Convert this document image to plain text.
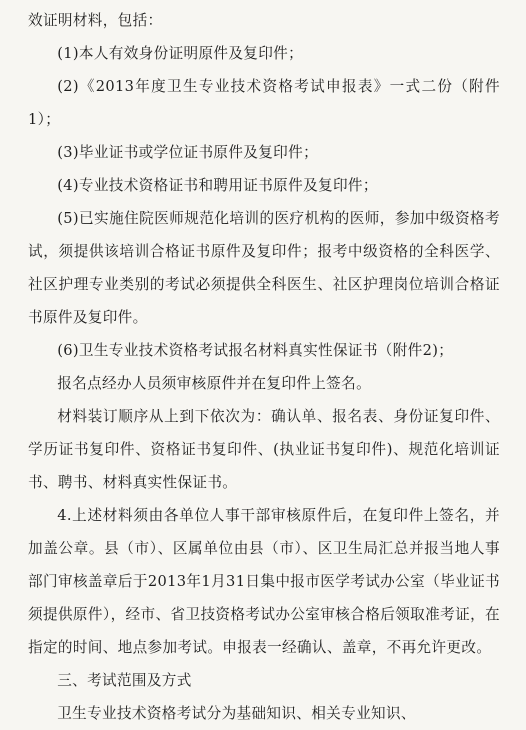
效证明材料，包括：

(1)本人有效身份证明原件及复印件；

(2)《2013年度卫生专业技术资格考试申报表》一式二份（附件1）；

(3)毕业证书或学位证书原件及复印件；

(4)专业技术资格证书和聘用证书原件及复印件；

(5)已实施住院医师规范化培训的医疗机构的医师，参加中级资格考试，须提供该培训合格证书原件及复印件；报考中级资格的全科医学、社区护理专业类别的考试必须提供全科医生、社区护理岗位培训合格证书原件及复印件。

(6)卫生专业技术资格考试报名材料真实性保证书（附件2)；

报名点经办人员须审核原件并在复印件上签名。

材料装订顺序从上到下依次为：确认单、报名表、身份证复印件、学历证书复印件、资格证书复印件、(执业证书复印件)、规范化培训证书、聘书、材料真实性保证书。

4.上述材料须由各单位人事干部审核原件后，在复印件上签名，并加盖公章。县（市）、区属单位由县（市）、区卫生局汇总并报当地人事部门审核盖章后于2013年1月31日集中报市医学考试办公室（毕业证书须提供原件），经市、省卫技资格考试办公室审核合格后领取准考证，在指定的时间、地点参加考试。申报表一经确认、盖章，不再允许更改。

三、考试范围及方式

卫生专业技术资格考试分为基础知识、相关专业知识、
